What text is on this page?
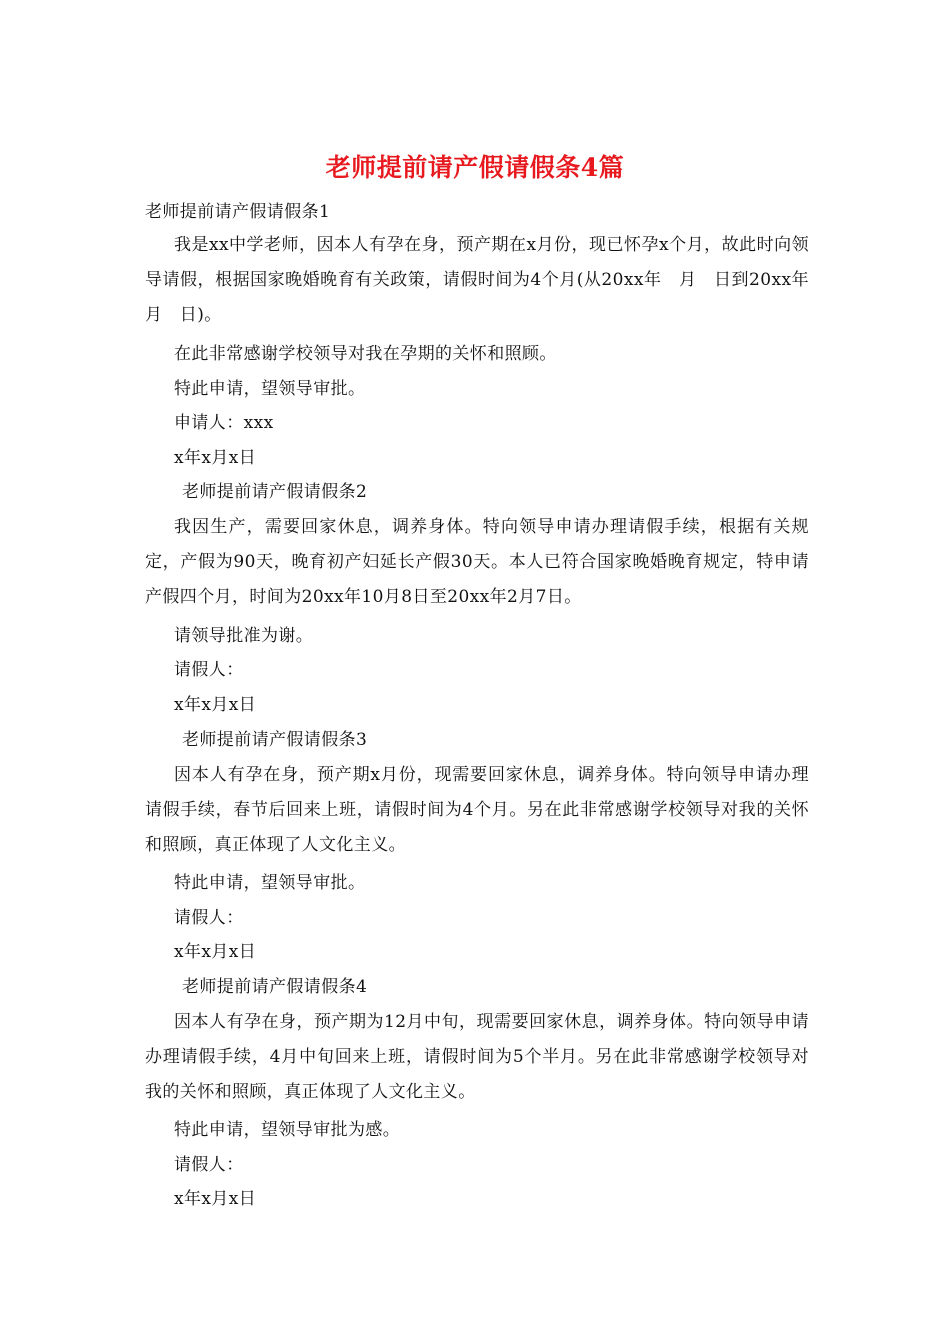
老师提前请产假请假条4篇
老师提前请产假请假条1
我是xx中学老师，因本人有孕在身，预产期在x月份，现已怀孕x个月，故此时向领导请假，根据国家晚婚晚育有关政策，请假时间为4个月(从20xx年　月　日到20xx年　月　日)。
在此非常感谢学校领导对我在孕期的关怀和照顾。
特此申请，望领导审批。
申请人：xxx
x年x月x日
老师提前请产假请假条2
我因生产，需要回家休息，调养身体。特向领导申请办理请假手续，根据有关规定，产假为90天，晚育初产妇延长产假30天。本人已符合国家晚婚晚育规定，特申请产假四个月，时间为20xx年10月8日至20xx年2月7日。
请领导批准为谢。
请假人：
x年x月x日
老师提前请产假请假条3
因本人有孕在身，预产期x月份，现需要回家休息，调养身体。特向领导申请办理请假手续，春节后回来上班，请假时间为4个月。另在此非常感谢学校领导对我的关怀和照顾，真正体现了人文化主义。
特此申请，望领导审批。
请假人：
x年x月x日
老师提前请产假请假条4
因本人有孕在身，预产期为12月中旬，现需要回家休息，调养身体。特向领导申请办理请假手续，4月中旬回来上班，请假时间为5个半月。另在此非常感谢学校领导对我的关怀和照顾，真正体现了人文化主义。
特此申请，望领导审批为感。
请假人：
x年x月x日
